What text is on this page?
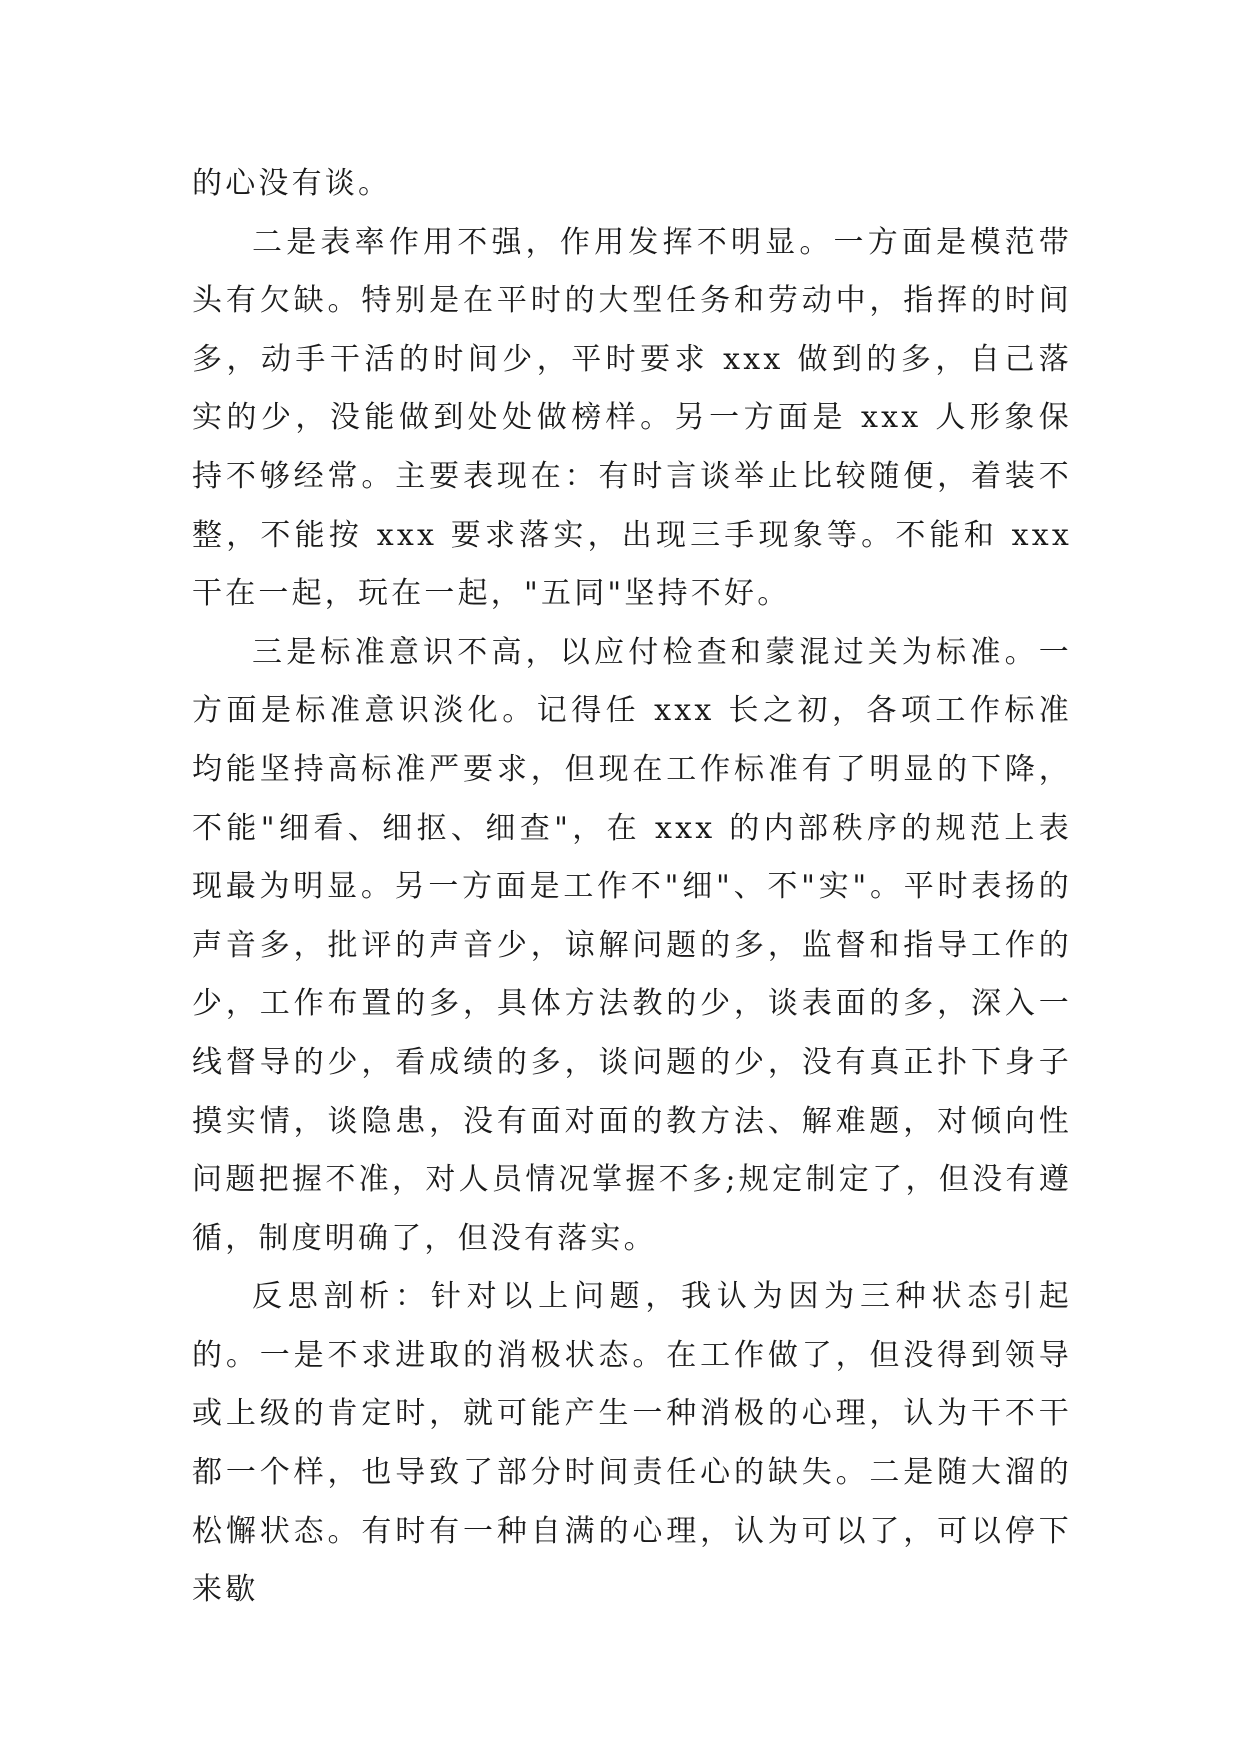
的心没有谈。

二是表率作用不强，作用发挥不明显。一方面是模范带头有欠缺。特别是在平时的大型任务和劳动中，指挥的时间多，动手干活的时间少，平时要求 xxx 做到的多，自己落实的少，没能做到处处做榜样。另一方面是 xxx 人形象保持不够经常。主要表现在：有时言谈举止比较随便，着装不整，不能按 xxx 要求落实，出现三手现象等。不能和 xxx 干在一起，玩在一起，"五同"坚持不好。

三是标准意识不高，以应付检查和蒙混过关为标准。一方面是标准意识淡化。记得任 xxx 长之初，各项工作标准均能坚持高标准严要求，但现在工作标准有了明显的下降，不能"细看、细抠、细查"，在 xxx 的内部秩序的规范上表现最为明显。另一方面是工作不"细"、不"实"。平时表扬的声音多，批评的声音少，谅解问题的多，监督和指导工作的少，工作布置的多，具体方法教的少，谈表面的多，深入一线督导的少，看成绩的多，谈问题的少，没有真正扑下身子摸实情，谈隐患，没有面对面的教方法、解难题，对倾向性问题把握不准，对人员情况掌握不多;规定制定了，但没有遵循，制度明确了，但没有落实。

反思剖析：针对以上问题，我认为因为三种状态引起的。一是不求进取的消极状态。在工作做了，但没得到领导或上级的肯定时，就可能产生一种消极的心理，认为干不干都一个样，也导致了部分时间责任心的缺失。二是随大溜的松懈状态。有时有一种自满的心理，认为可以了，可以停下来歇
